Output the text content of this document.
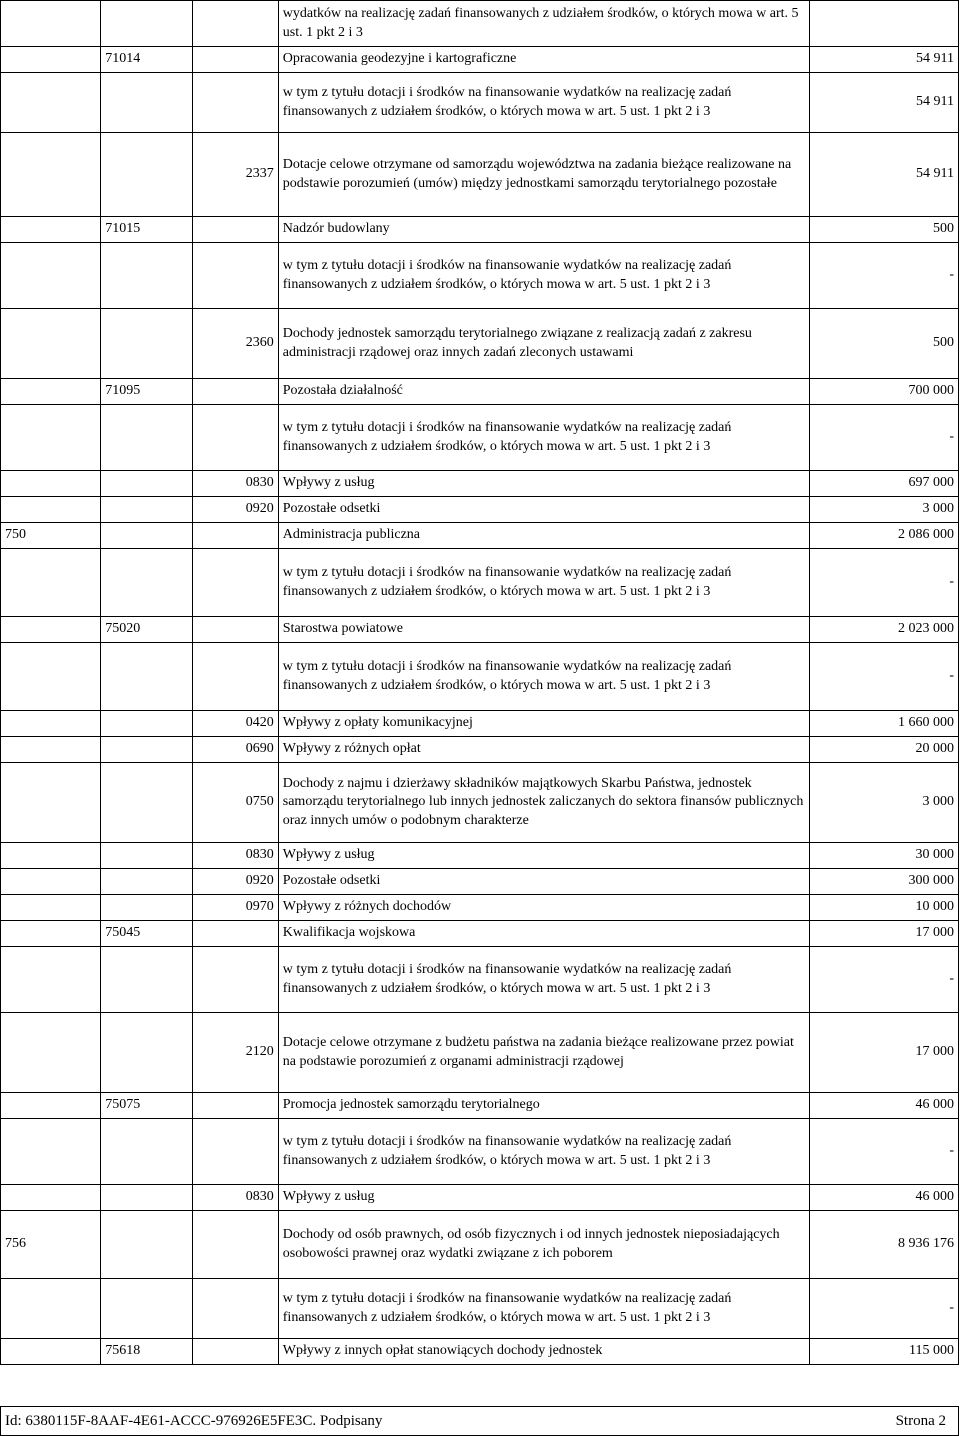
			wydatków na realizację zadań finansowanych z udziałem środków, o których mowa w art. 5 ust. 1 pkt 2 i 3	
	71014		Opracowania geodezyjne i kartograficzne	54 911
			w tym z tytułu dotacji i środków na finansowanie wydatków na realizację zadań finansowanych z udziałem środków, o których mowa w art. 5 ust. 1 pkt 2 i 3	54 911
		2337	Dotacje celowe otrzymane od samorządu województwa na zadania bieżące realizowane na podstawie porozumień (umów) między jednostkami samorządu terytorialnego pozostałe	54 911
	71015		Nadzór budowlany	500
			w tym z tytułu dotacji i środków na finansowanie wydatków na realizację zadań finansowanych z udziałem środków, o których mowa w art. 5 ust. 1 pkt 2 i 3	-
		2360	Dochody jednostek samorządu terytorialnego związane z realizacją zadań z zakresu administracji rządowej oraz innych zadań zleconych ustawami	500
	71095		Pozostała działalność	700 000
			w tym z tytułu dotacji i środków na finansowanie wydatków na realizację zadań finansowanych z udziałem środków, o których mowa w art. 5 ust. 1 pkt 2 i 3	-
		0830	Wpływy z usług	697 000
		0920	Pozostałe odsetki	3 000
750			Administracja publiczna	2 086 000
			w tym z tytułu dotacji i środków na finansowanie wydatków na realizację zadań finansowanych z udziałem środków, o których mowa w art. 5 ust. 1 pkt 2 i 3	-
	75020		Starostwa powiatowe	2 023 000
			w tym z tytułu dotacji i środków na finansowanie wydatków na realizację zadań finansowanych z udziałem środków, o których mowa w art. 5 ust. 1 pkt 2 i 3	-
		0420	Wpływy z opłaty komunikacyjnej	1 660 000
		0690	Wpływy z różnych opłat	20 000
		0750	Dochody z najmu i dzierżawy składników majątkowych Skarbu Państwa, jednostek samorządu terytorialnego lub innych jednostek zaliczanych do sektora finansów publicznych oraz innych umów o podobnym charakterze	3 000
		0830	Wpływy z usług	30 000
		0920	Pozostałe odsetki	300 000
		0970	Wpływy z różnych dochodów	10 000
	75045		Kwalifikacja wojskowa	17 000
			w tym z tytułu dotacji i środków na finansowanie wydatków na realizację zadań finansowanych z udziałem środków, o których mowa w art. 5 ust. 1 pkt 2 i 3	-
		2120	Dotacje celowe otrzymane z budżetu państwa na zadania bieżące realizowane przez powiat na podstawie porozumień z organami administracji rządowej	17 000
	75075		Promocja jednostek samorządu terytorialnego	46 000
			w tym z tytułu dotacji i środków na finansowanie wydatków na realizację zadań finansowanych z udziałem środków, o których mowa w art. 5 ust. 1 pkt 2 i 3	-
		0830	Wpływy z usług	46 000
756			Dochody od osób prawnych, od osób fizycznych i od innych jednostek nieposiadających osobowości prawnej oraz wydatki związane z ich poborem	8 936 176
			w tym z tytułu dotacji i środków na finansowanie wydatków na realizację zadań finansowanych z udziałem środków, o których mowa w art. 5 ust. 1 pkt 2 i 3	-
	75618		Wpływy z innych opłat stanowiących dochody jednostek	115 000
Id: 6380115F-8AAF-4E61-ACCC-976926E5FE3C. Podpisany	Strona 2
